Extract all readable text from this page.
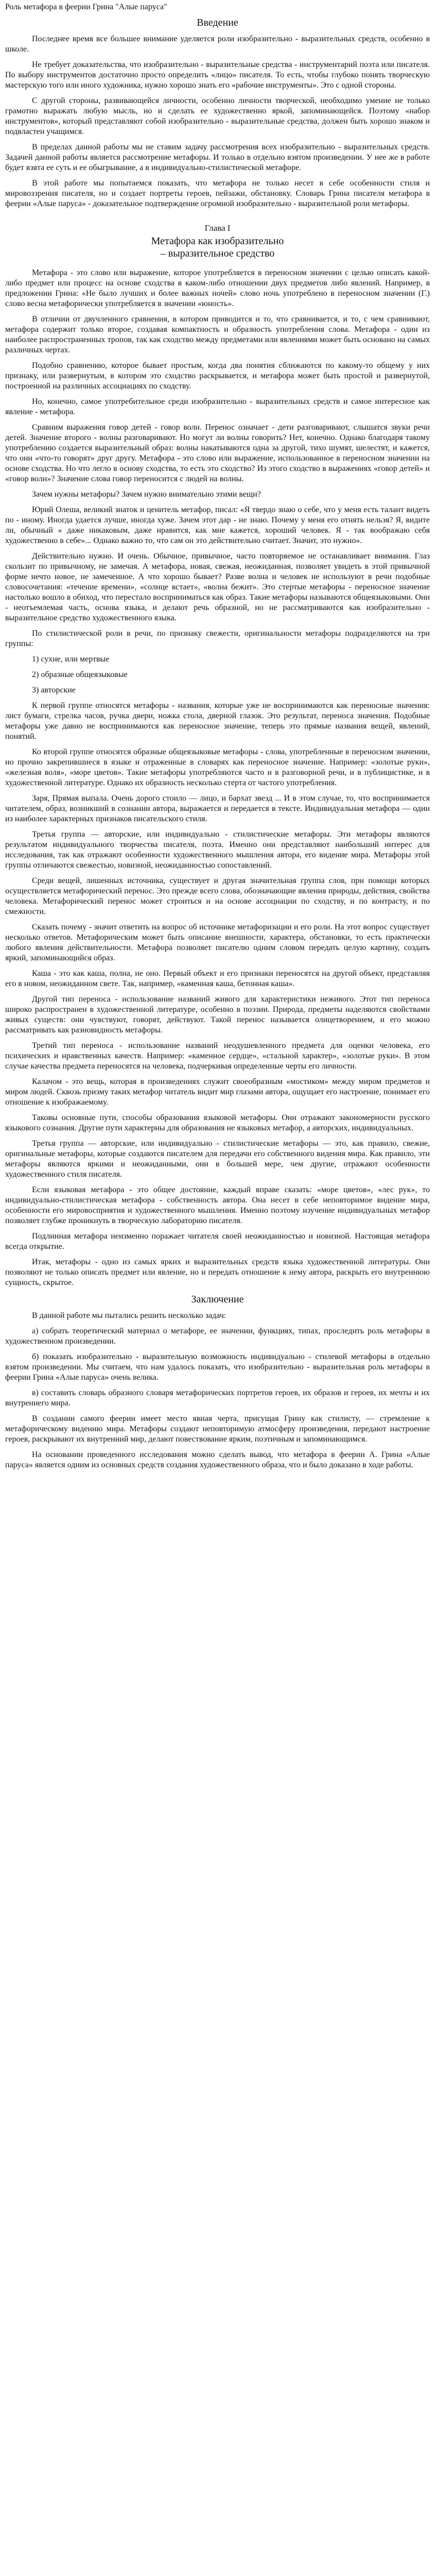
Роль метафора в феерии Грина "Алые паруса"
Введение

Последнее время все большее внимание уделяется роли изобразительно - выразительных средств, особенно в школе.

Не требует доказательства, что изобразительно - выразительные средства - инструментарий поэта или писателя. По выбору инструментов достаточно просто определить «лицо» писателя. То есть, чтобы глубоко понять творческую мастерскую того или иного художника, нужно хорошо знать его «рабочие инструменты». Это с одной стороны.

С другой стороны, развивающейся личности, особенно личности творческой, необходимо умение не только грамотно выражать любую мысль, но и сделать ее художественно яркой, запоминающейся. Поэтому «набор инструментов», который представляют собой изобразительно - выразительные средства, должен быть хорошо знаком и подвластен учащимся.

В пределах данной работы мы не ставим задачу рассмотрения всех изобразительно - выразительных средств. Задачей данной работы является рассмотрение метафоры. И только в отдельно взятом произведении. У нее же в работе будет взята ее суть и ее обыгрывание, а в индивидуально-стилистической метафоре.

В этой работе мы попытаемся показать, что метафора не только несет в себе особенности стиля и мировоззрения писателя, но и создает портреты героев, пейзажи, обстановку. Словарь Грина писателя метафора в феерии «Алые паруса» - доказательное подтверждение огромной изобразительно - выразительной роли метафоры.

Глава I
Метафора как изобразительно
– выразительное средство

Метафора - это слово или выражение, которое употребляется в переносном значении с целью описать какой-либо предмет или процесс на основе сходства в каком-либо отношении двух предметов либо явлений. Например, в предложении Грина: «Не было лучших и более важных ночей» слово ночь употреблено в переносном значении (Г.) слово весна метафорически употребляется в значении «юность».

В отличии от двучленного сравнения, в котором приводится и то, что сравнивается, и то, с чем сравнивают, метафора содержит только второе, создавая компактность и образность употребления слова. Метафора - один из наиболее распространенных тропов, так как сходство между предметами или явлениями может быть основано на самых различных чертах.

Подобно сравнению, которое бывает простым, когда два понятия сближаются по какому-то общему у них признаку, или развернутым, в котором это сходство раскрывается, и метафора может быть простой и развернутой, построенной на различных ассоциациях по сходству.

Но, конечно, самое употребительное среди изобразительно - выразительных средств и самое интересное как явление - метафора.

Сравним выражения говор детей - говор волн. Перенос означает - дети разговаривают, слышатся звуки речи детей. Значение второго - волны разговаривают. Но могут ли волны говорить? Нет, конечно. Однако благодаря такому употреблению создается выразительный образ: волны накатываются одна за другой, тихо шумят, шелестят, и кажется, что они «что-то говорят» друг другу. Метафора - это слово или выражение, использованное в переносном значении на основе сходства. Но что легло в основу сходства, то есть это сходство? Из этого сходство в выражениях «говор детей» и «говор волн»? Значение слова говор переносится с людей на волны.

Зачем нужны метафоры? Зачем нужно внимательно этими вещи?

Юрий Олеша, великий знаток и ценитель метафор, писал: «Я твердо знаю о себе, что у меня есть талант видеть по - иному. Иногда удается лучше, иногда хуже. Зачем этот дар - не знаю. Почему у меня его отнять нельзя? Я, видите ли, обычный « даже никаковым, даже нравится, как мне кажется, хороший человек. Я - так воображаю себя художественно в себе»... Однако важно то, что сам он это действительно считает. Значит, это нужно».

Действительно нужно. И очень. Обычное, привычное, часто повторяемое не останавливает внимания. Глаз скользит по привычному, не замечая. А метафора, новая, свежая, неожиданная, позволяет увидеть в этой привычной форме нечто новое, не замеченное. А что хорошо бывает? Разве волна и человек не используют в речи подобные словосочетания: «течение времени», «солнце встает», «волна бежит». Это стертые метафоры - переносное значение настолько вошло в обиход, что перестало восприниматься как образ. Такие метафоры называются общеязыковыми. Они - неотъемлемая часть, основа языка, и делают речь образной, но не рассматриваются как изобразительно - выразительное средство художественного языка.

По стилистической роли в речи, по признаку свежести, оригинальности метафоры подразделяются на три группы:

1) сухие, или мертвые

2) образные общеязыковые

3) авторские

К первой группе относятся метафоры - названия, которые уже не воспринимаются как переносные значения: лист бумаги, стрелка часов, ручка двери, ножка стола, дверной глазок. Это результат, переноса значения. Подобные метафоры уже давно не воспринимаются как переносное значение, теперь это прямые названия вещей, явлений, понятий.

Ко второй группе относятся образные общеязыковые метафоры - слова, употребленные в переносном значении, но прочно закрепившиеся в языке и отраженные в словарях как переносное значение. Например: «золотые руки», «железная воля», «море цветов». Такие метафоры употребляются часто и в разговорной речи, и в публицистике, и в художественной литературе. Однако их образность несколько стерта от частого употребления.

Заря, Прямая выпала. Очень дорого стоило — лицо, и бархат звезд ... И в этом случае, то, что воспринимается читателем, образ, возникший в сознании автора, выражается и передается в тексте. Индивидуальная метафора — один из наиболее характерных признаков писательского стиля.

Третья группа — авторские, или индивидуально - стилистические метафоры. Эти метафоры являются результатом индивидуального творчества писателя, поэта. Именно они представляют наибольший интерес для исследования, так как отражают особенности художественного мышления автора, его видение мира. Метафоры этой группы отличаются свежестью, новизной, неожиданностью сопоставлений.

Среди вещей, лишенных источника, существует и другая значительная группа слов, при помощи которых осуществляется метафорический перенос. Это прежде всего слова, обозначающие явления природы, действия, свойства человека. Метафорический перенос может строиться и на основе ассоциации по сходству, и по контрасту, и по смежности.

Сказать почему - значит ответить на вопрос об источнике метафоризации и его роли. На этот вопрос существует несколько ответов. Метафорическим может быть описание внешности, характера, обстановки, то есть практически любого явления действительности. Метафора позволяет писателю одним словом передать целую картину, создать яркий, запоминающийся образ.

Каша - это как каша, полна, не оно. Первый объект и его признаки переносятся на другой объект, представляя его в новом, неожиданном свете. Так, например, «каменная каша, бетонная каша».

Другой тип переноса - использование названий живого для характеристики неживого. Этот тип переноса широко распространен в художественной литературе, особенно в поэзии. Природа, предметы наделяются свойствами живых существ: они чувствуют, говорят, действуют. Такой перенос называется олицетворением, и его можно рассматривать как разновидность метафоры.

Третий тип переноса - использование названий неодушевленного предмета для оценки человека, его психических и нравственных качеств. Например: «каменное сердце», «стальной характер», «золотые руки». В этом случае качества предмета переносятся на человека, подчеркивая определенные черты его личности.

Калачом - это вещь, которая в произведениях служит своеобразным «мостиком» между миром предметов и миром людей. Сквозь призму таких метафор читатель видит мир глазами автора, ощущает его настроение, понимает его отношение к изображаемому.

Таковы основные пути, способы образования языковой метафоры. Они отражают закономерности русского языкового сознания. Другие пути характерны для образования не языковых метафор, а авторских, индивидуальных.

Третья группа — авторские, или индивидуально - стилистические метафоры — это, как правило, свежие, оригинальные метафоры, которые создаются писателем для передачи его собственного видения мира. Как правило, эти метафоры являются яркими и неожиданными, они в большей мере, чем другие, отражают особенности художественного стиля писателя.

Если языковая метафора - это общее достояние, каждый вправе сказать: «море цветов», «лес рук», то индивидуально-стилистическая метафора - собственность автора. Она несет в себе неповторимое видение мира, особенности его мировосприятия и художественного мышления. Именно поэтому изучение индивидуальных метафор позволяет глубже проникнуть в творческую лабораторию писателя.

Подлинная метафора неизменно поражает читателя своей неожиданностью и новизной. Настоящая метафора всегда открытие.

Итак, метафоры - одно из самых ярких и выразительных средств языка художественной литературы. Они позволяют не только описать предмет или явление, но и передать отношение к нему автора, раскрыть его внутреннюю сущность, скрытое.

Заключение

В данной работе мы пытались решить несколько задач:

а) собрать теоретический материал о метафоре, ее значении, функциях, типах, проследить роль метафоры в художественном произведении.

б) показать изобразительно - выразительную возможность индивидуально - стилевой метафоры в отдельно взятом произведении. Мы считаем, что нам удалось показать, что изобразительно - выразительная роль метафоры в феерии Грина «Алые паруса» очень велика.

в) составить словарь образного словаря метафорических портретов героев, их образов и героев, их мечты и их внутреннего мира.

В создании самого феерии имеет место явная черта, присущая Грину как стилисту, — стремление к метафорическому видению мира. Метафоры создают неповторимую атмосферу произведения, передают настроение героев, раскрывают их внутренний мир, делают повествование ярким, поэтичным и запоминающимся.

На основании проведенного исследования можно сделать вывод, что метафора в феерии А. Грина «Алые паруса» является одним из основных средств создания художественного образа, что и было доказано в ходе работы.
